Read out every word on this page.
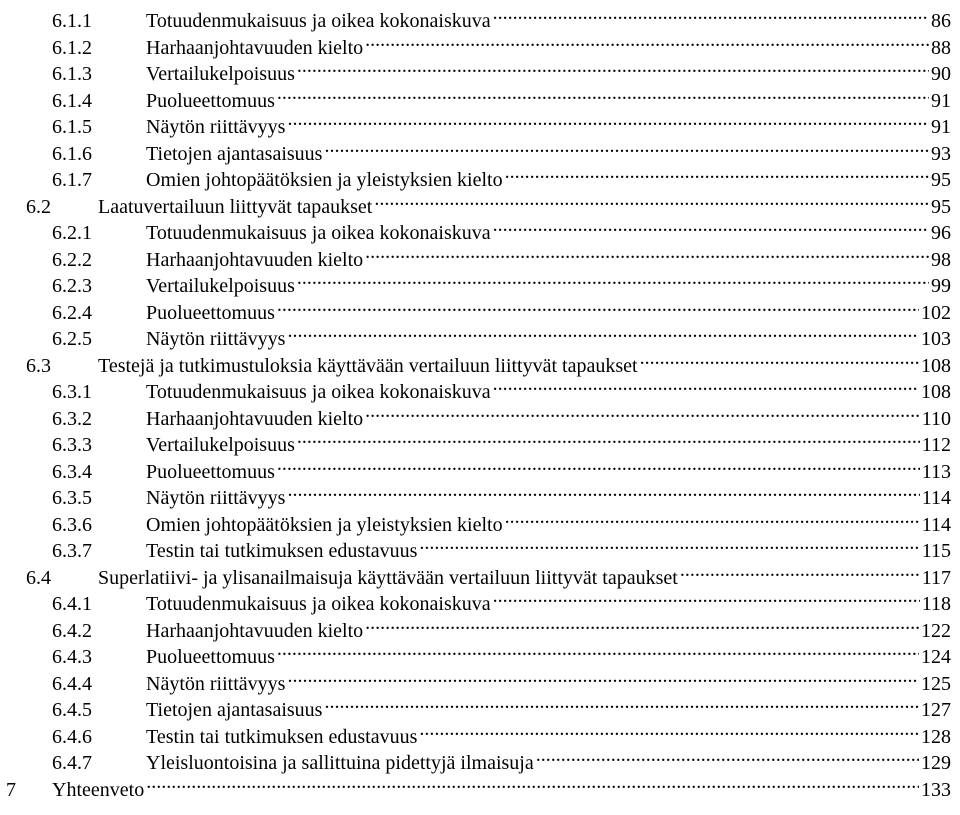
6.1.1	Totuudenmukaisuus ja oikea kokonaiskuva .....	86
6.1.2	Harhaanjohtavuuden kielto .....	88
6.1.3	Vertailukelpoisuus .....	90
6.1.4	Puolueettomuus .....	91
6.1.5	Näytön riittävyys .....	91
6.1.6	Tietojen ajantasaisuus .....	93
6.1.7	Omien johtopäätöksien ja yleistyksien kielto .....	95
6.2	Laatuvertailuun liittyvät tapaukset .....	95
6.2.1	Totuudenmukaisuus ja oikea kokonaiskuva .....	96
6.2.2	Harhaanjohtavuuden kielto .....	98
6.2.3	Vertailukelpoisuus .....	99
6.2.4	Puolueettomuus .....	102
6.2.5	Näytön riittävyys .....	103
6.3	Testejä ja tutkimustuloksia käyttävään vertailuun liittyvät tapaukset .....	108
6.3.1	Totuudenmukaisuus ja oikea kokonaiskuva .....	108
6.3.2	Harhaanjohtavuuden kielto .....	110
6.3.3	Vertailukelpoisuus .....	112
6.3.4	Puolueettomuus .....	113
6.3.5	Näytön riittävyys .....	114
6.3.6	Omien johtopäätöksien ja yleistyksien kielto .....	114
6.3.7	Testin tai tutkimuksen edustavuus .....	115
6.4	Superlatiivi- ja ylisanailmaisuja käyttävään vertailuun liittyvät tapaukset .....	117
6.4.1	Totuudenmukaisuus ja oikea kokonaiskuva .....	118
6.4.2	Harhaanjohtavuuden kielto .....	122
6.4.3	Puolueettomuus .....	124
6.4.4	Näytön riittävyys .....	125
6.4.5	Tietojen ajantasaisuus .....	127
6.4.6	Testin tai tutkimuksen edustavuus .....	128
6.4.7	Yleisluontoisina ja sallittuina pidettyjä ilmaisuja .....	129
7	Yhteenveto .....	133
